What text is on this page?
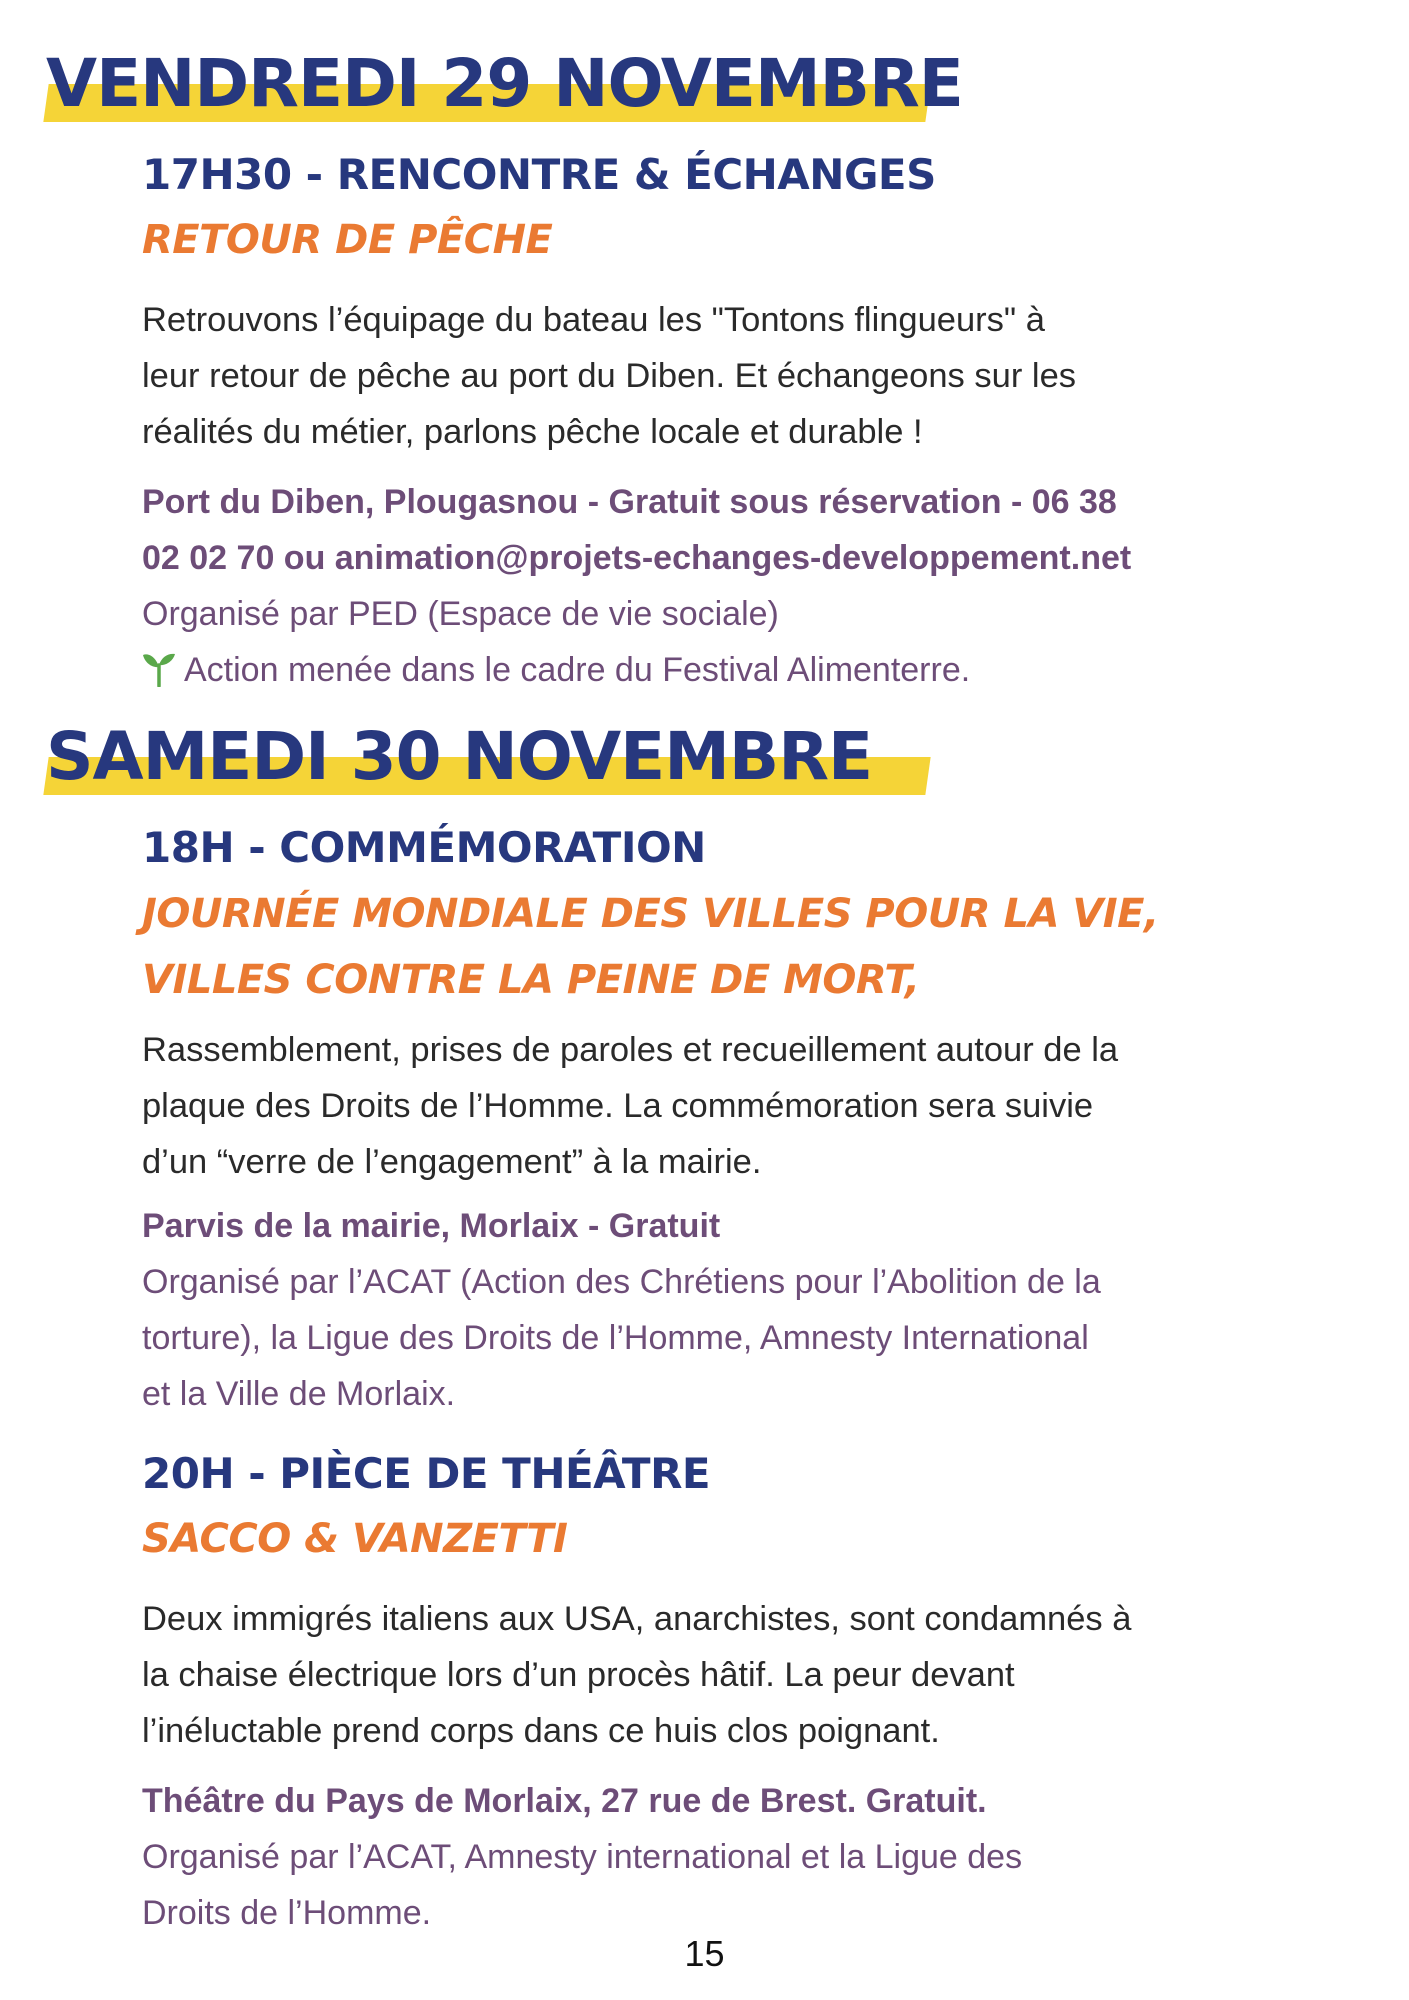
VENDREDI 29 NOVEMBRE
17H30 - RENCONTRE & ÉCHANGES
RETOUR DE PÊCHE
Retrouvons l’équipage du bateau les "Tontons flingueurs" à
leur retour de pêche au port du Diben. Et échangeons sur les
réalités du métier, parlons pêche locale et durable !
Port du Diben, Plougasnou - Gratuit sous réservation - 06 38
02 02 70 ou animation@projets-echanges-developpement.net
Organisé par PED (Espace de vie sociale)
Action menée dans le cadre du Festival Alimenterre.
SAMEDI 30 NOVEMBRE
18H - COMMÉMORATION
JOURNÉE MONDIALE DES VILLES POUR LA VIE,
VILLES CONTRE LA PEINE DE MORT,
Rassemblement, prises de paroles et recueillement autour de la
plaque des Droits de l’Homme. La commémoration sera suivie
d’un “verre de l’engagement” à la mairie.
Parvis de la mairie, Morlaix - Gratuit
Organisé par l’ACAT (Action des Chrétiens pour l’Abolition de la
torture), la Ligue des Droits de l’Homme, Amnesty International
et la Ville de Morlaix.
20H - PIÈCE DE THÉÂTRE
SACCO & VANZETTI
Deux immigrés italiens aux USA, anarchistes, sont condamnés à
la chaise électrique lors d’un procès hâtif. La peur devant
l’inéluctable prend corps dans ce huis clos poignant.
Théâtre du Pays de Morlaix, 27 rue de Brest. Gratuit.
Organisé par l’ACAT, Amnesty international et la Ligue des
Droits de l’Homme.
15
